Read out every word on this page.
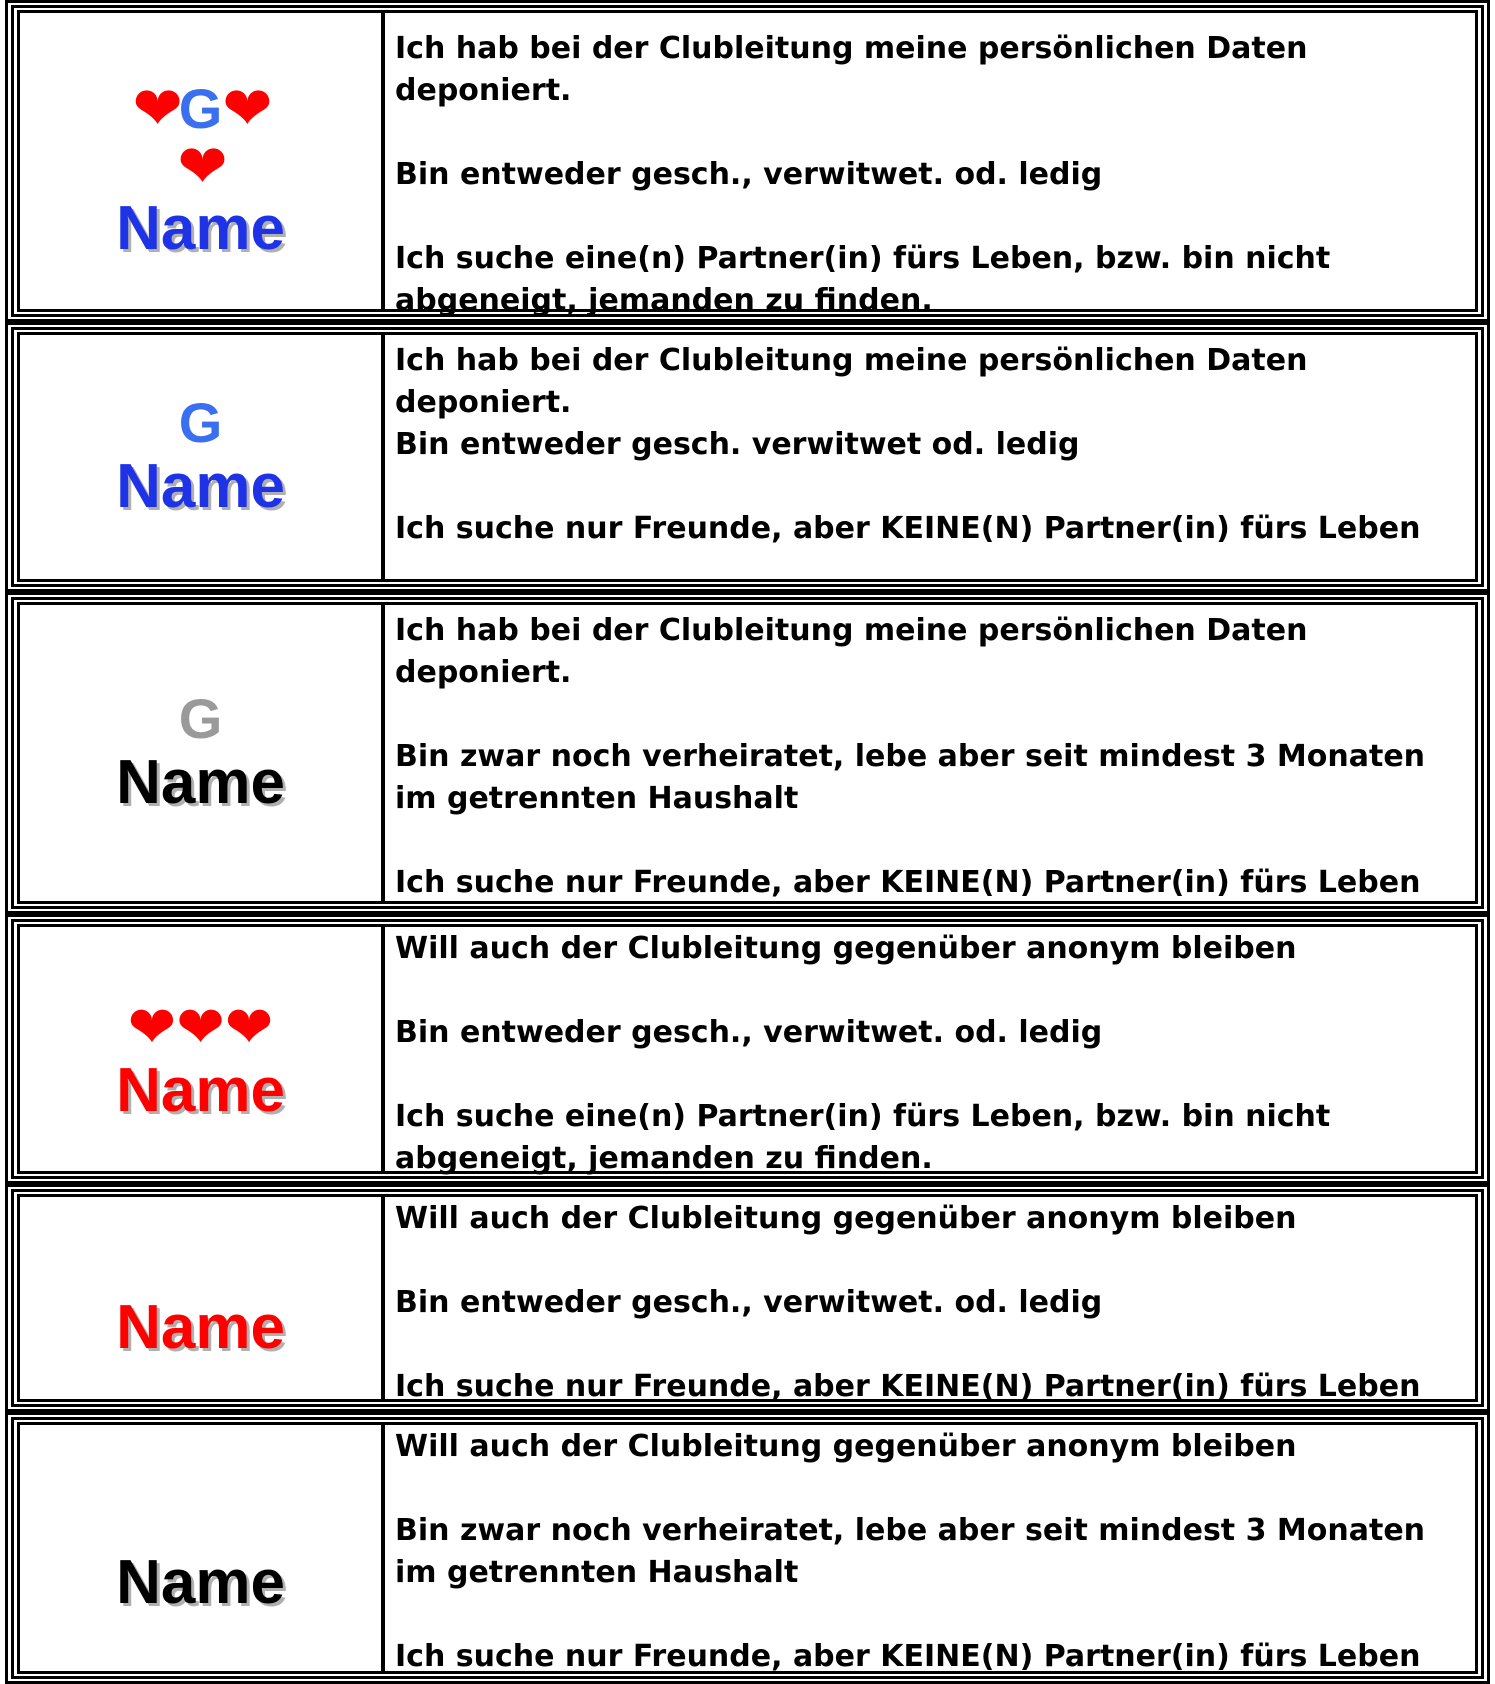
❤ G ❤
❤
Name

Ich hab bei der Clubleitung meine persönlichen Daten deponiert.

Bin entweder gesch., verwitwet. od. ledig

Ich suche eine(n) Partner(in) fürs Leben, bzw. bin nicht abgeneigt, jemanden zu finden.

G
Name

Ich hab bei der Clubleitung meine persönlichen Daten deponiert.

Bin entweder gesch. verwitwet od. ledig

Ich suche nur Freunde, aber KEINE(N) Partner(in) fürs Leben

G
Name

Ich hab bei der Clubleitung meine persönlichen Daten deponiert.

Bin zwar noch verheiratet, lebe aber seit mindest 3 Monaten im getrennten Haushalt

Ich suche nur Freunde, aber KEINE(N) Partner(in) fürs Leben

❤❤❤
Name

Will auch der Clubleitung gegenüber anonym bleiben

Bin entweder gesch., verwitwet. od. ledig

Ich suche eine(n) Partner(in) fürs Leben, bzw. bin nicht abgeneigt, jemanden zu finden.

Name

Will auch der Clubleitung gegenüber anonym bleiben

Bin entweder gesch., verwitwet. od. ledig

Ich suche nur Freunde, aber KEINE(N) Partner(in) fürs Leben

Name

Will auch der Clubleitung gegenüber anonym bleiben

Bin zwar noch verheiratet, lebe aber seit mindest 3 Monaten im getrennten Haushalt

Ich suche nur Freunde, aber KEINE(N) Partner(in) fürs Leben
